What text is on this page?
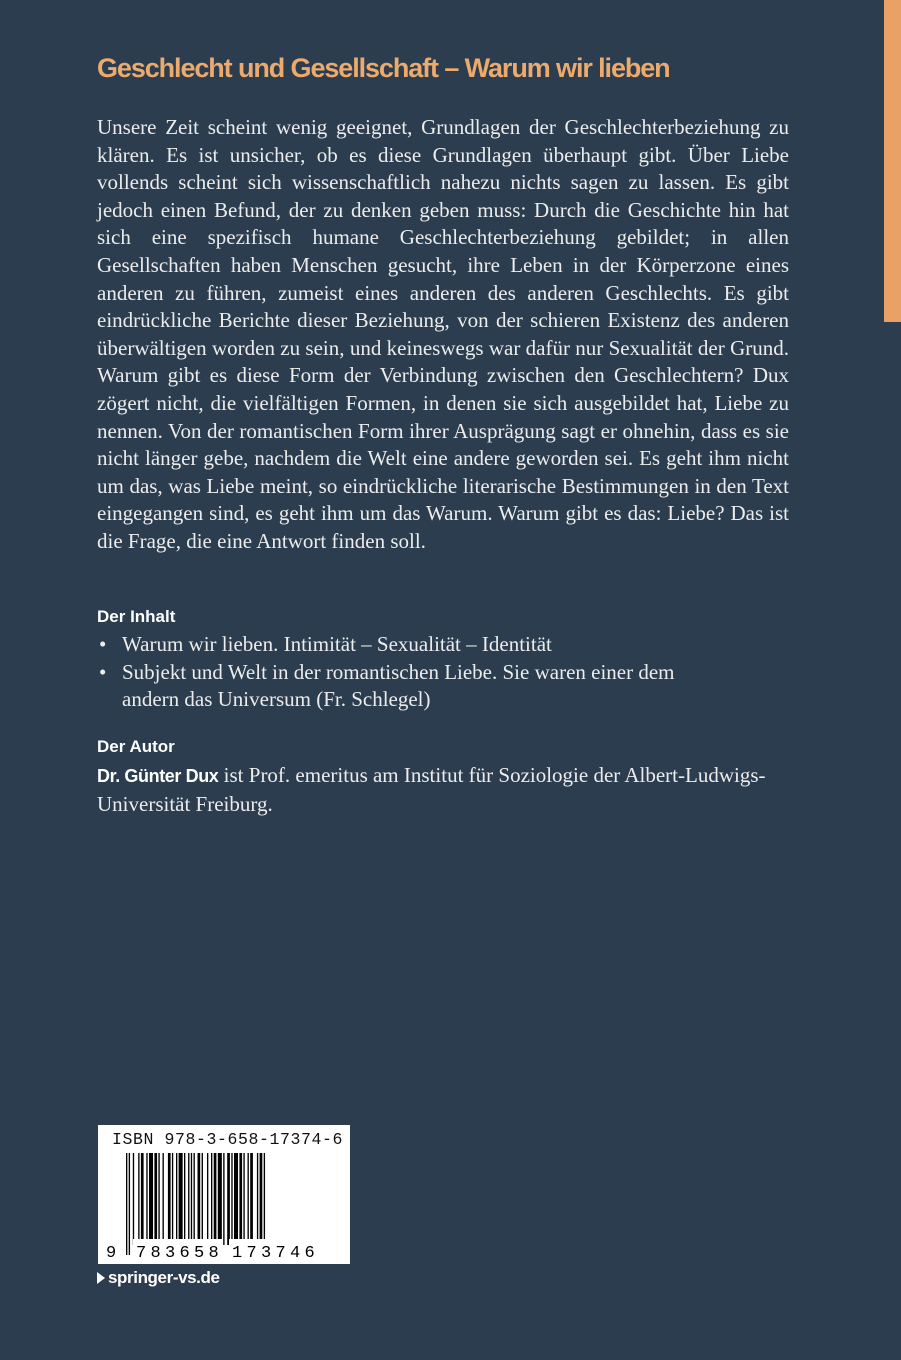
Geschlecht und Gesellschaft – Warum wir lieben

Unsere Zeit scheint wenig geeignet, Grundlagen der Geschlechterbeziehung zu klären. Es ist unsicher, ob es diese Grundlagen überhaupt gibt. Über Liebe vollends scheint sich wissenschaftlich nahezu nichts sagen zu lassen. Es gibt jedoch einen Befund, der zu denken geben muss: Durch die Geschichte hin hat sich eine spezifisch humane Geschlechterbeziehung gebildet; in allen Gesellschaften haben Menschen gesucht, ihre Leben in der Körperzone eines anderen zu führen, zumeist eines anderen des anderen Geschlechts. Es gibt eindrückliche Berichte dieser Beziehung, von der schieren Existenz des anderen überwältigen worden zu sein, und keineswegs war dafür nur Sexualität der Grund. Warum gibt es diese Form der Verbindung zwischen den Geschlechtern? Dux zögert nicht, die vielfältigen Formen, in denen sie sich ausgebildet hat, Liebe zu nennen. Von der romantischen Form ihrer Ausprägung sagt er ohnehin, dass es sie nicht länger gebe, nachdem die Welt eine andere geworden sei. Es geht ihm nicht um das, was Liebe meint, so eindrückliche literarische Bestimmungen in den Text eingegangen sind, es geht ihm um das Warum. Warum gibt es das: Liebe? Das ist die Frage, die eine Antwort finden soll.

Der Inhalt
• Warum wir lieben. Intimität – Sexualität – Identität
• Subjekt und Welt in der romantischen Liebe. Sie waren einer dem andern das Universum (Fr. Schlegel)
Der Autor

Dr. Günter Dux ist Prof. emeritus am Institut für Soziologie der Albert-Ludwigs-Universität Freiburg.

ISBN 978-3-658-17374-6
9 783658 173746
springer-vs.de
